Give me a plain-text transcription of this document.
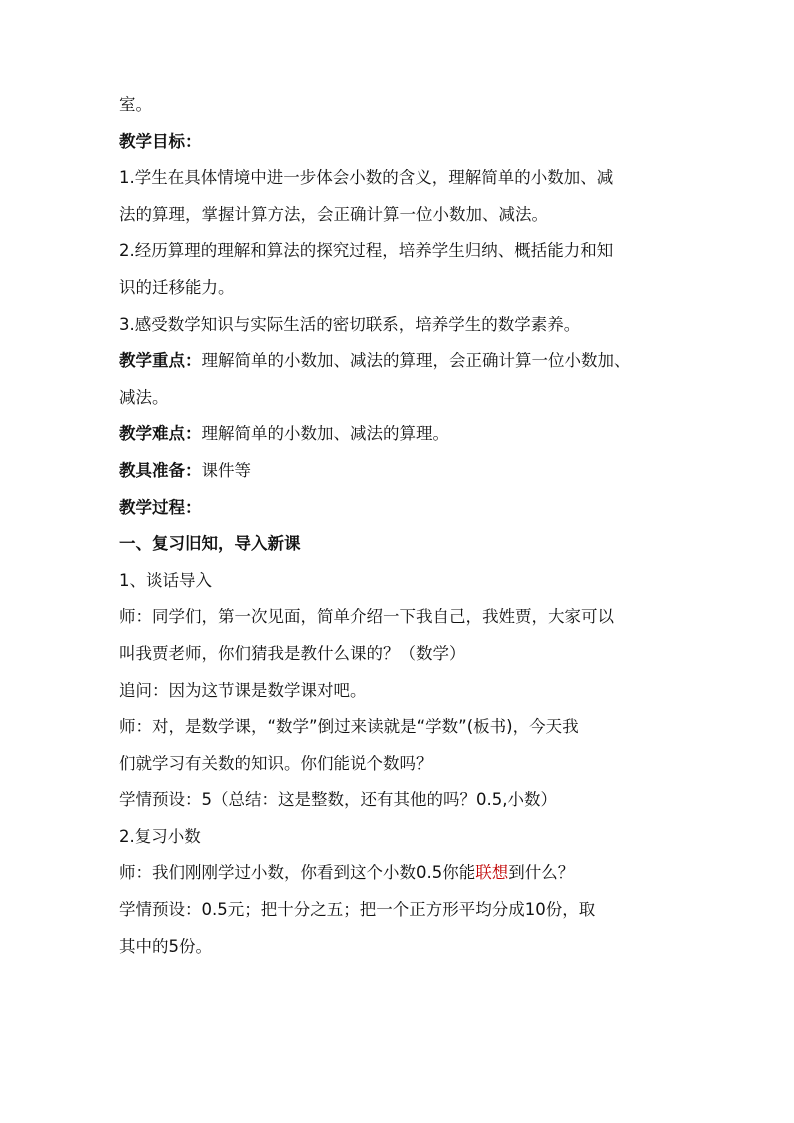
室。

教学目标：

1.学生在具体情境中进一步体会小数的含义，理解简单的小数加、减

法的算理，掌握计算方法，会正确计算一位小数加、减法。

2.经历算理的理解和算法的探究过程，培养学生归纳、概括能力和知

识的迁移能力。

3.感受数学知识与实际生活的密切联系，培养学生的数学素养。

教学重点：理解简单的小数加、减法的算理，会正确计算一位小数加、

减法。

教学难点：理解简单的小数加、减法的算理。

教具准备：课件等

教学过程：

一、复习旧知，导入新课

1、谈话导入

师：同学们，第一次见面，简单介绍一下我自己，我姓贾，大家可以

叫我贾老师，你们猜我是教什么课的？（数学）

追问：因为这节课是数学课对吧。

师：对，是数学课，“数学”倒过来读就是“学数”(板书)，今天我

们就学习有关数的知识。你们能说个数吗？

学情预设：5（总结：这是整数，还有其他的吗？0.5,小数）

2.复习小数

师：我们刚刚学过小数，你看到这个小数0.5你能联想到什么？

学情预设：0.5元；把十分之五；把一个正方形平均分成10份，取

其中的5份。
